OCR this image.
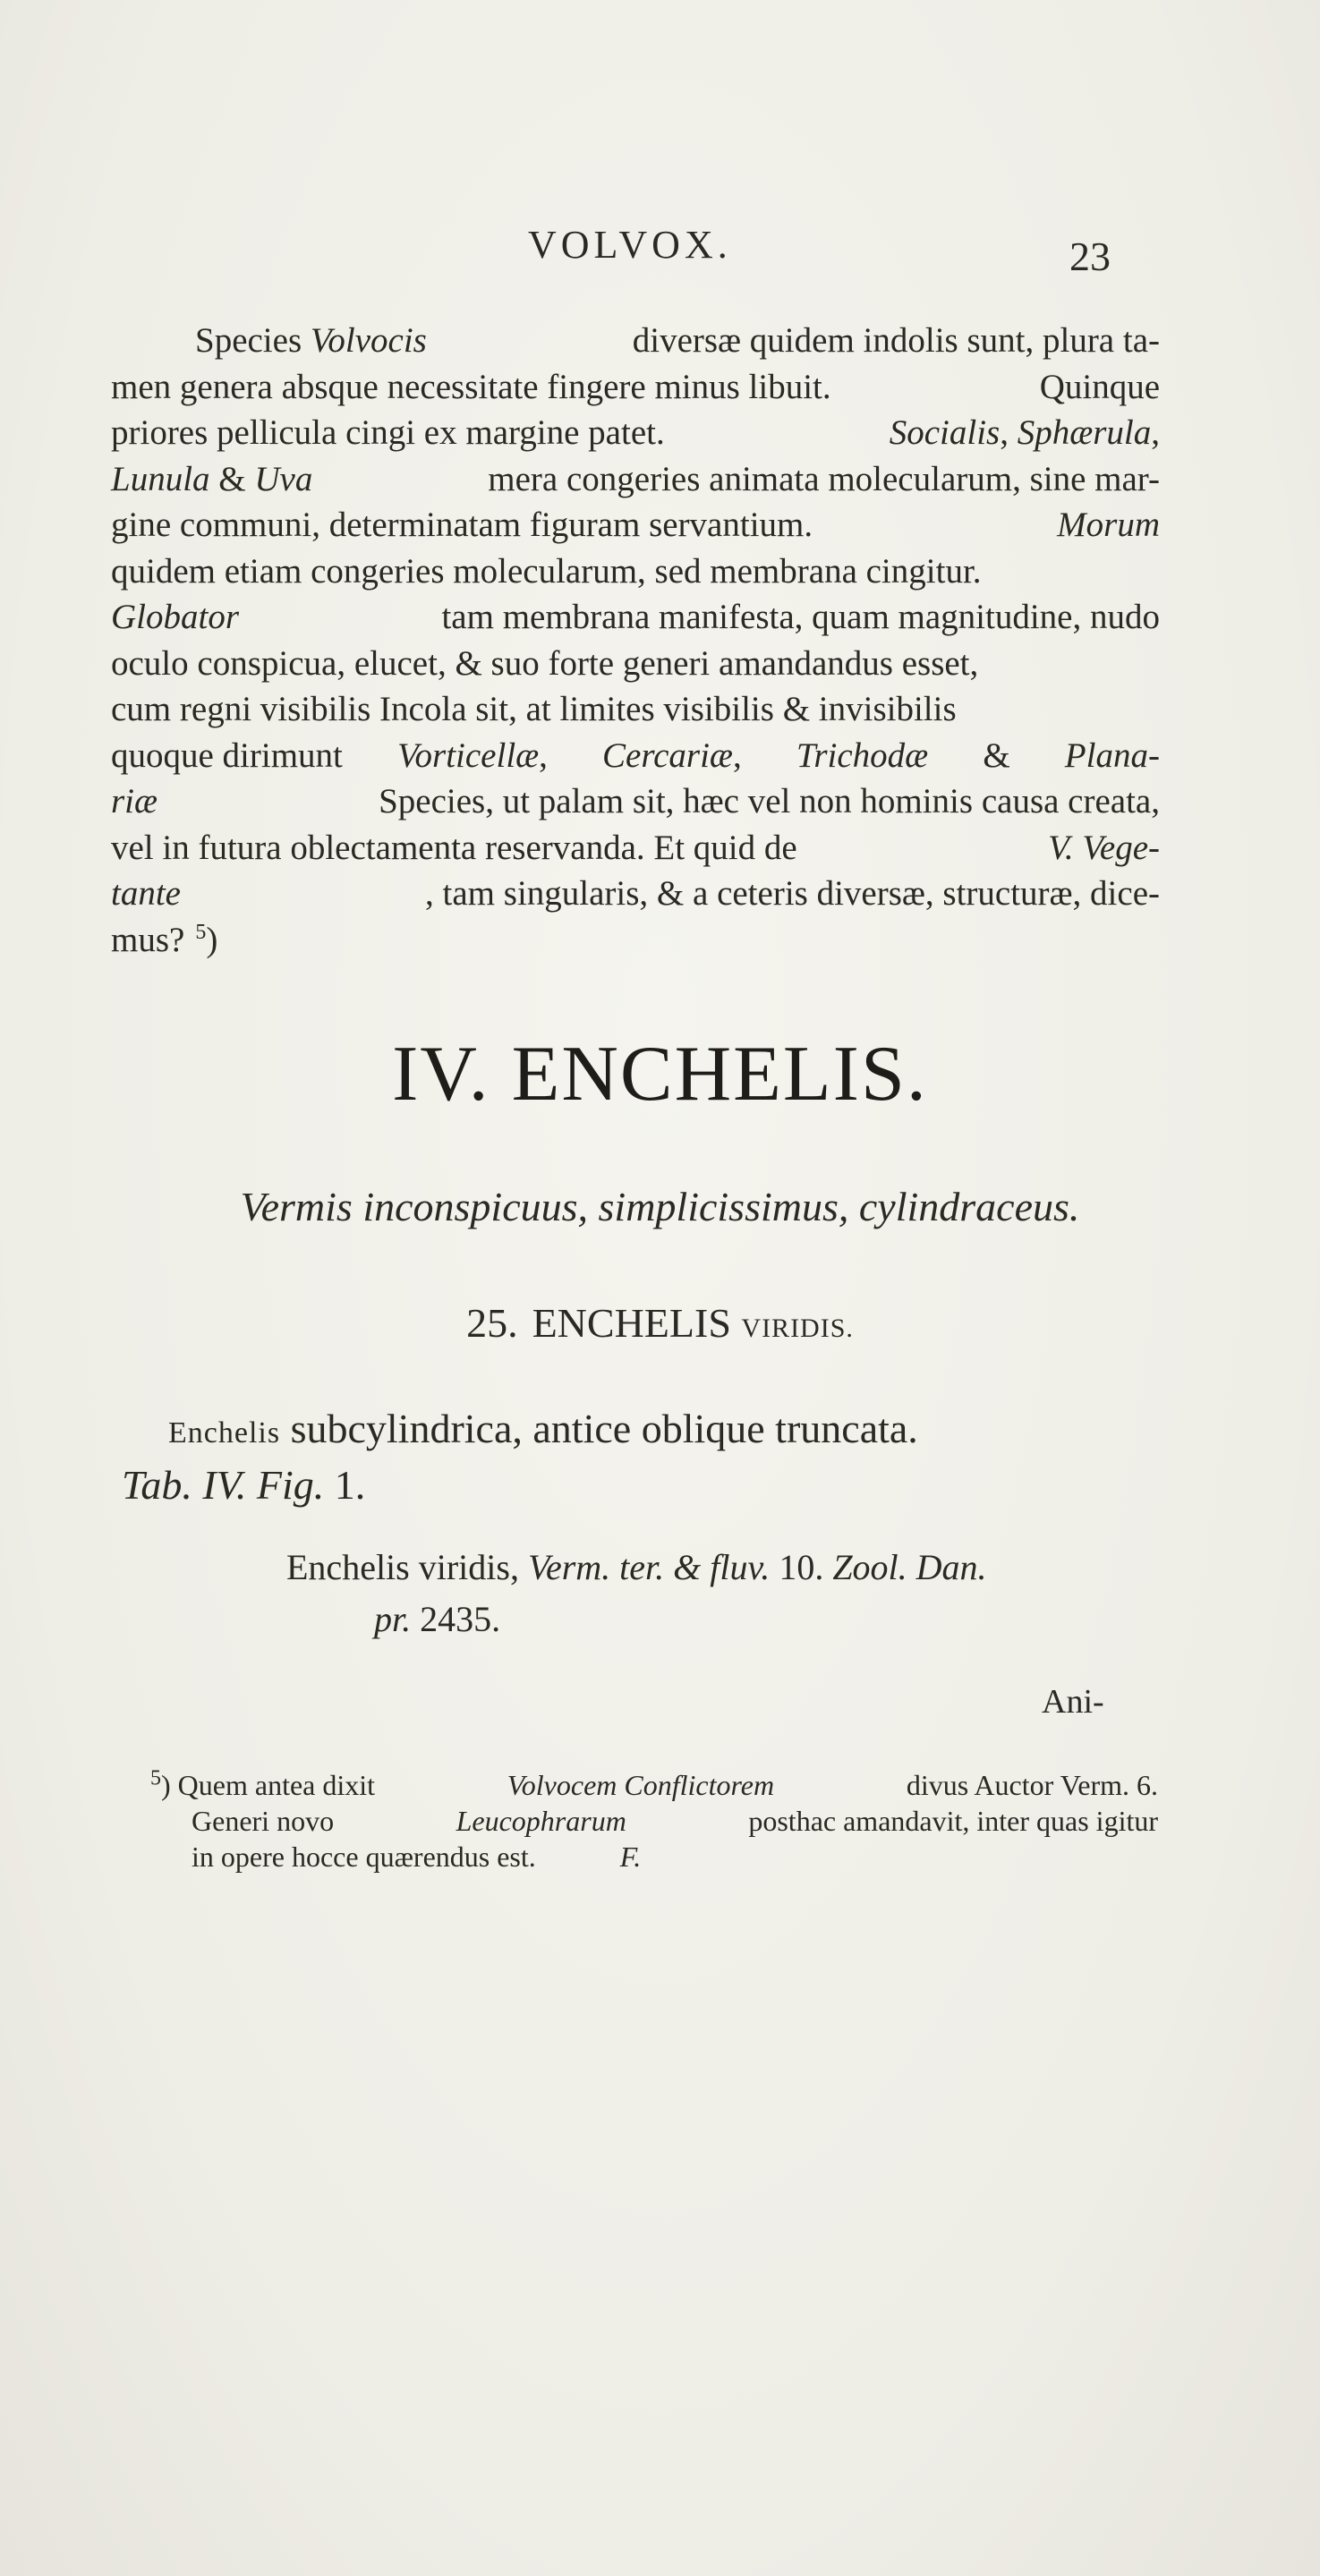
VOLVOX.	23
Species Volvocis	diversæ quidem indolis sunt, plura ta-
men genera absque necessitate fingere minus libuit.	Quinque
priores pellicula cingi ex margine patet.	Socialis, Sphærula,
Lunula & Uva	mera congeries animata molecularum, sine mar-
gine communi, determinatam figuram servantium.	Morum
quidem etiam congeries molecularum, sed membrana cingitur.
Globator	tam membrana manifesta, quam magnitudine, nudo
oculo conspicua, elucet, & suo forte generi amandandus esset,
cum regni visibilis Incola sit, at limites visibilis & invisibilis
quoque dirimunt Vorticellæ, Cercariæ, Trichodæ & Plana-
riæ	Species, ut palam sit, hæc vel non hominis causa creata,
vel in futura oblectamenta reservanda. Et quid de	V. Vege-
tante	, tam singularis, & a ceteris diversæ, structuræ, dice-
mus? $^5$)
IV. ENCHELIS.
Vermis inconspicuus, simplicissimus, cylindraceus.
25. ENCHELIS VIRIDIS.
Enchelis subcylindrica, antice oblique truncata.
Tab. IV. Fig. 1.
Enchelis viridis, Verm. ter. & fluv. 10. Zool. Dan.
pr. 2435.
Ani-
$^5$) Quem antea dixit	Volvocem Conflictorem	divus Auctor Verm. 6.
Generi novo	Leucophrarum	posthac amandavit, inter quas igitur
in opere hocce quærendus est.	F.
